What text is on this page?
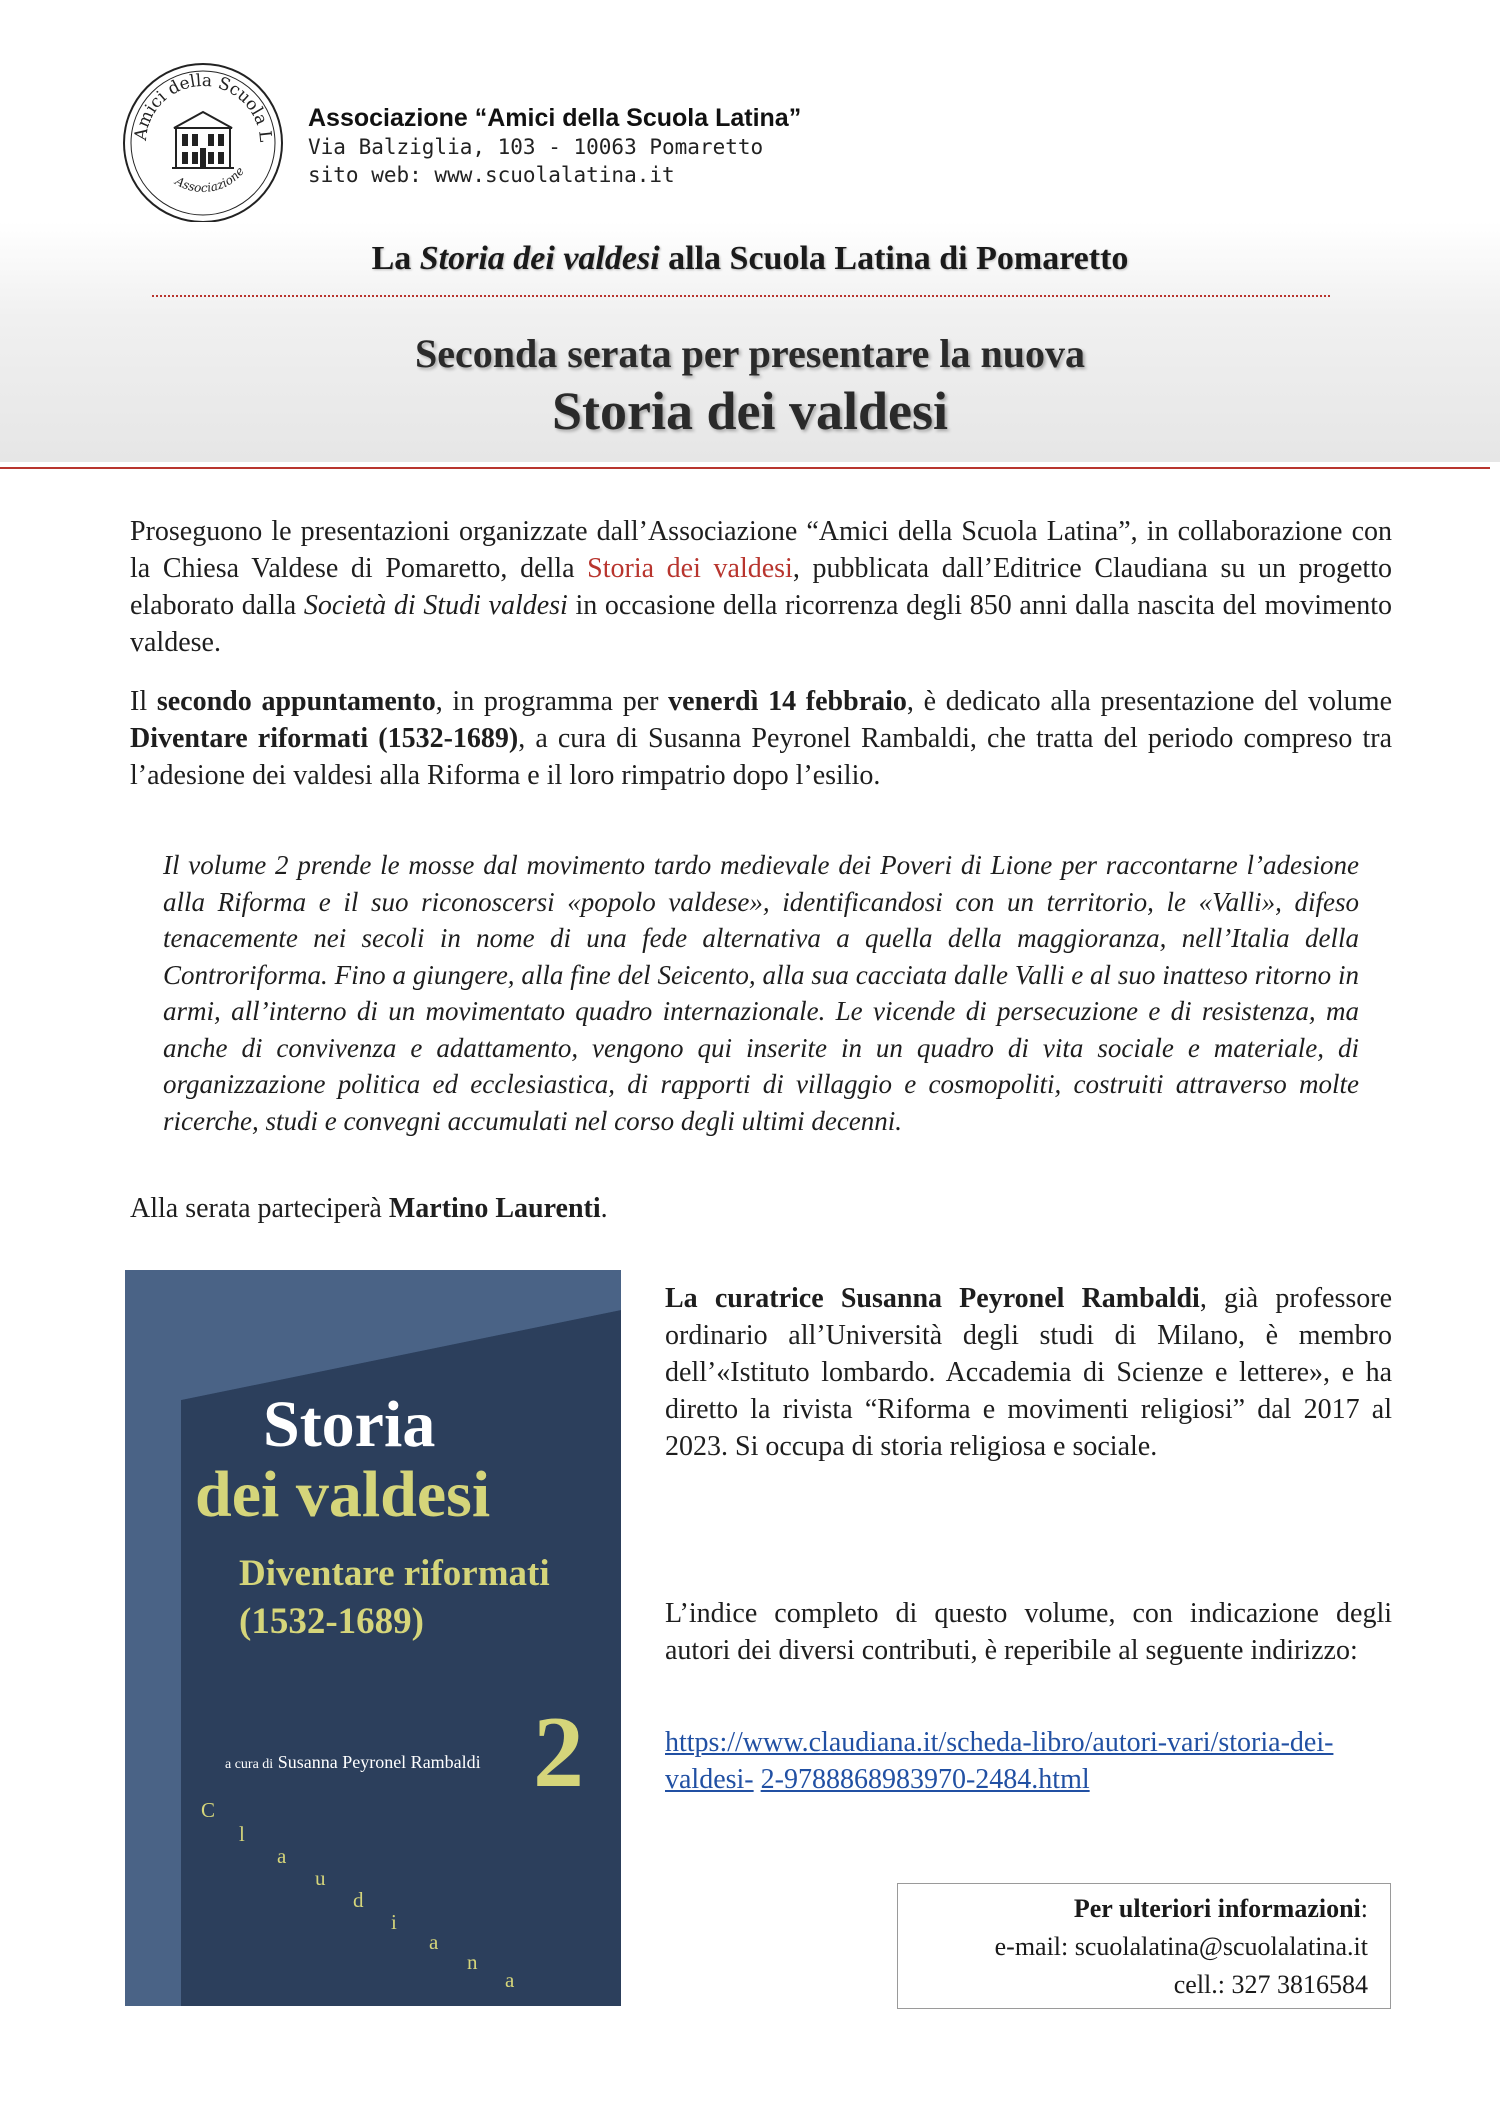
Amici della Scuola L
Associazione
Associazione “Amici della Scuola Latina”
Via Balziglia, 103 - 10063 Pomaretto
sito web: www.scuolalatina.it
La Storia dei valdesi alla Scuola Latina di Pomaretto
Seconda serata per presentare la nuova
Storia dei valdesi

Proseguono le presentazioni organizzate dall’Associazione “Amici della Scuola Latina”, in collaborazione con la Chiesa Valdese di Pomaretto, della Storia dei valdesi, pubblicata dall’Editrice Claudiana su un progetto elaborato dalla Società di Studi valdesi in occasione della ricorrenza degli 850 anni dalla nascita del movimento valdese.

Il secondo appuntamento, in programma per venerdì 14 febbraio, è dedicato alla presentazione del volume Diventare riformati (1532-1689), a cura di Susanna Peyronel Rambaldi, che tratta del periodo compreso tra l’adesione dei valdesi alla Riforma e il loro rimpatrio dopo l’esilio.

Il volume 2 prende le mosse dal movimento tardo medievale dei Poveri di Lione per raccontarne l’adesione alla Riforma e il suo riconoscersi «popolo valdese», identificandosi con un territorio, le «Valli», difeso tenacemente nei secoli in nome di una fede alternativa a quella della maggioranza, nell’Italia della Controriforma. Fino a giungere, alla fine del Seicento, alla sua cacciata dalle Valli e al suo inatteso ritorno in armi, all’interno di un movimentato quadro internazionale. Le vicende di persecuzione e di resistenza, ma anche di convivenza e adattamento, vengono qui inserite in un quadro di vita sociale e materiale, di organizzazione politica ed ecclesiastica, di rapporti di villaggio e cosmopoliti, costruiti attraverso molte ricerche, studi e convegni accumulati nel corso degli ultimi decenni.

Alla serata parteciperà Martino Laurenti.

Storia
dei valdesi
Diventare riformati
(1532-1689)
a cura di Susanna Peyronel Rambaldi 2
C
l
a
u
d
i
a
n
a

La curatrice Susanna Peyronel Rambaldi, già professore ordinario all’Università degli studi di Milano, è membro dell’«Istituto lombardo. Accademia di Scienze e lettere», e ha diretto la rivista “Riforma e movimenti religiosi” dal 2017 al 2023. Si occupa di storia religiosa e sociale.

L’indice completo di questo volume, con indicazione degli autori dei diversi contributi, è reperibile al seguente indirizzo:

https://www.claudiana.it/scheda-libro/autori-vari/storia-dei-valdesi- 2-9788868983970-2484.html

Per ulteriori informazioni:
e-mail: scuolalatina@scuolalatina.it
cell.: 327 3816584
